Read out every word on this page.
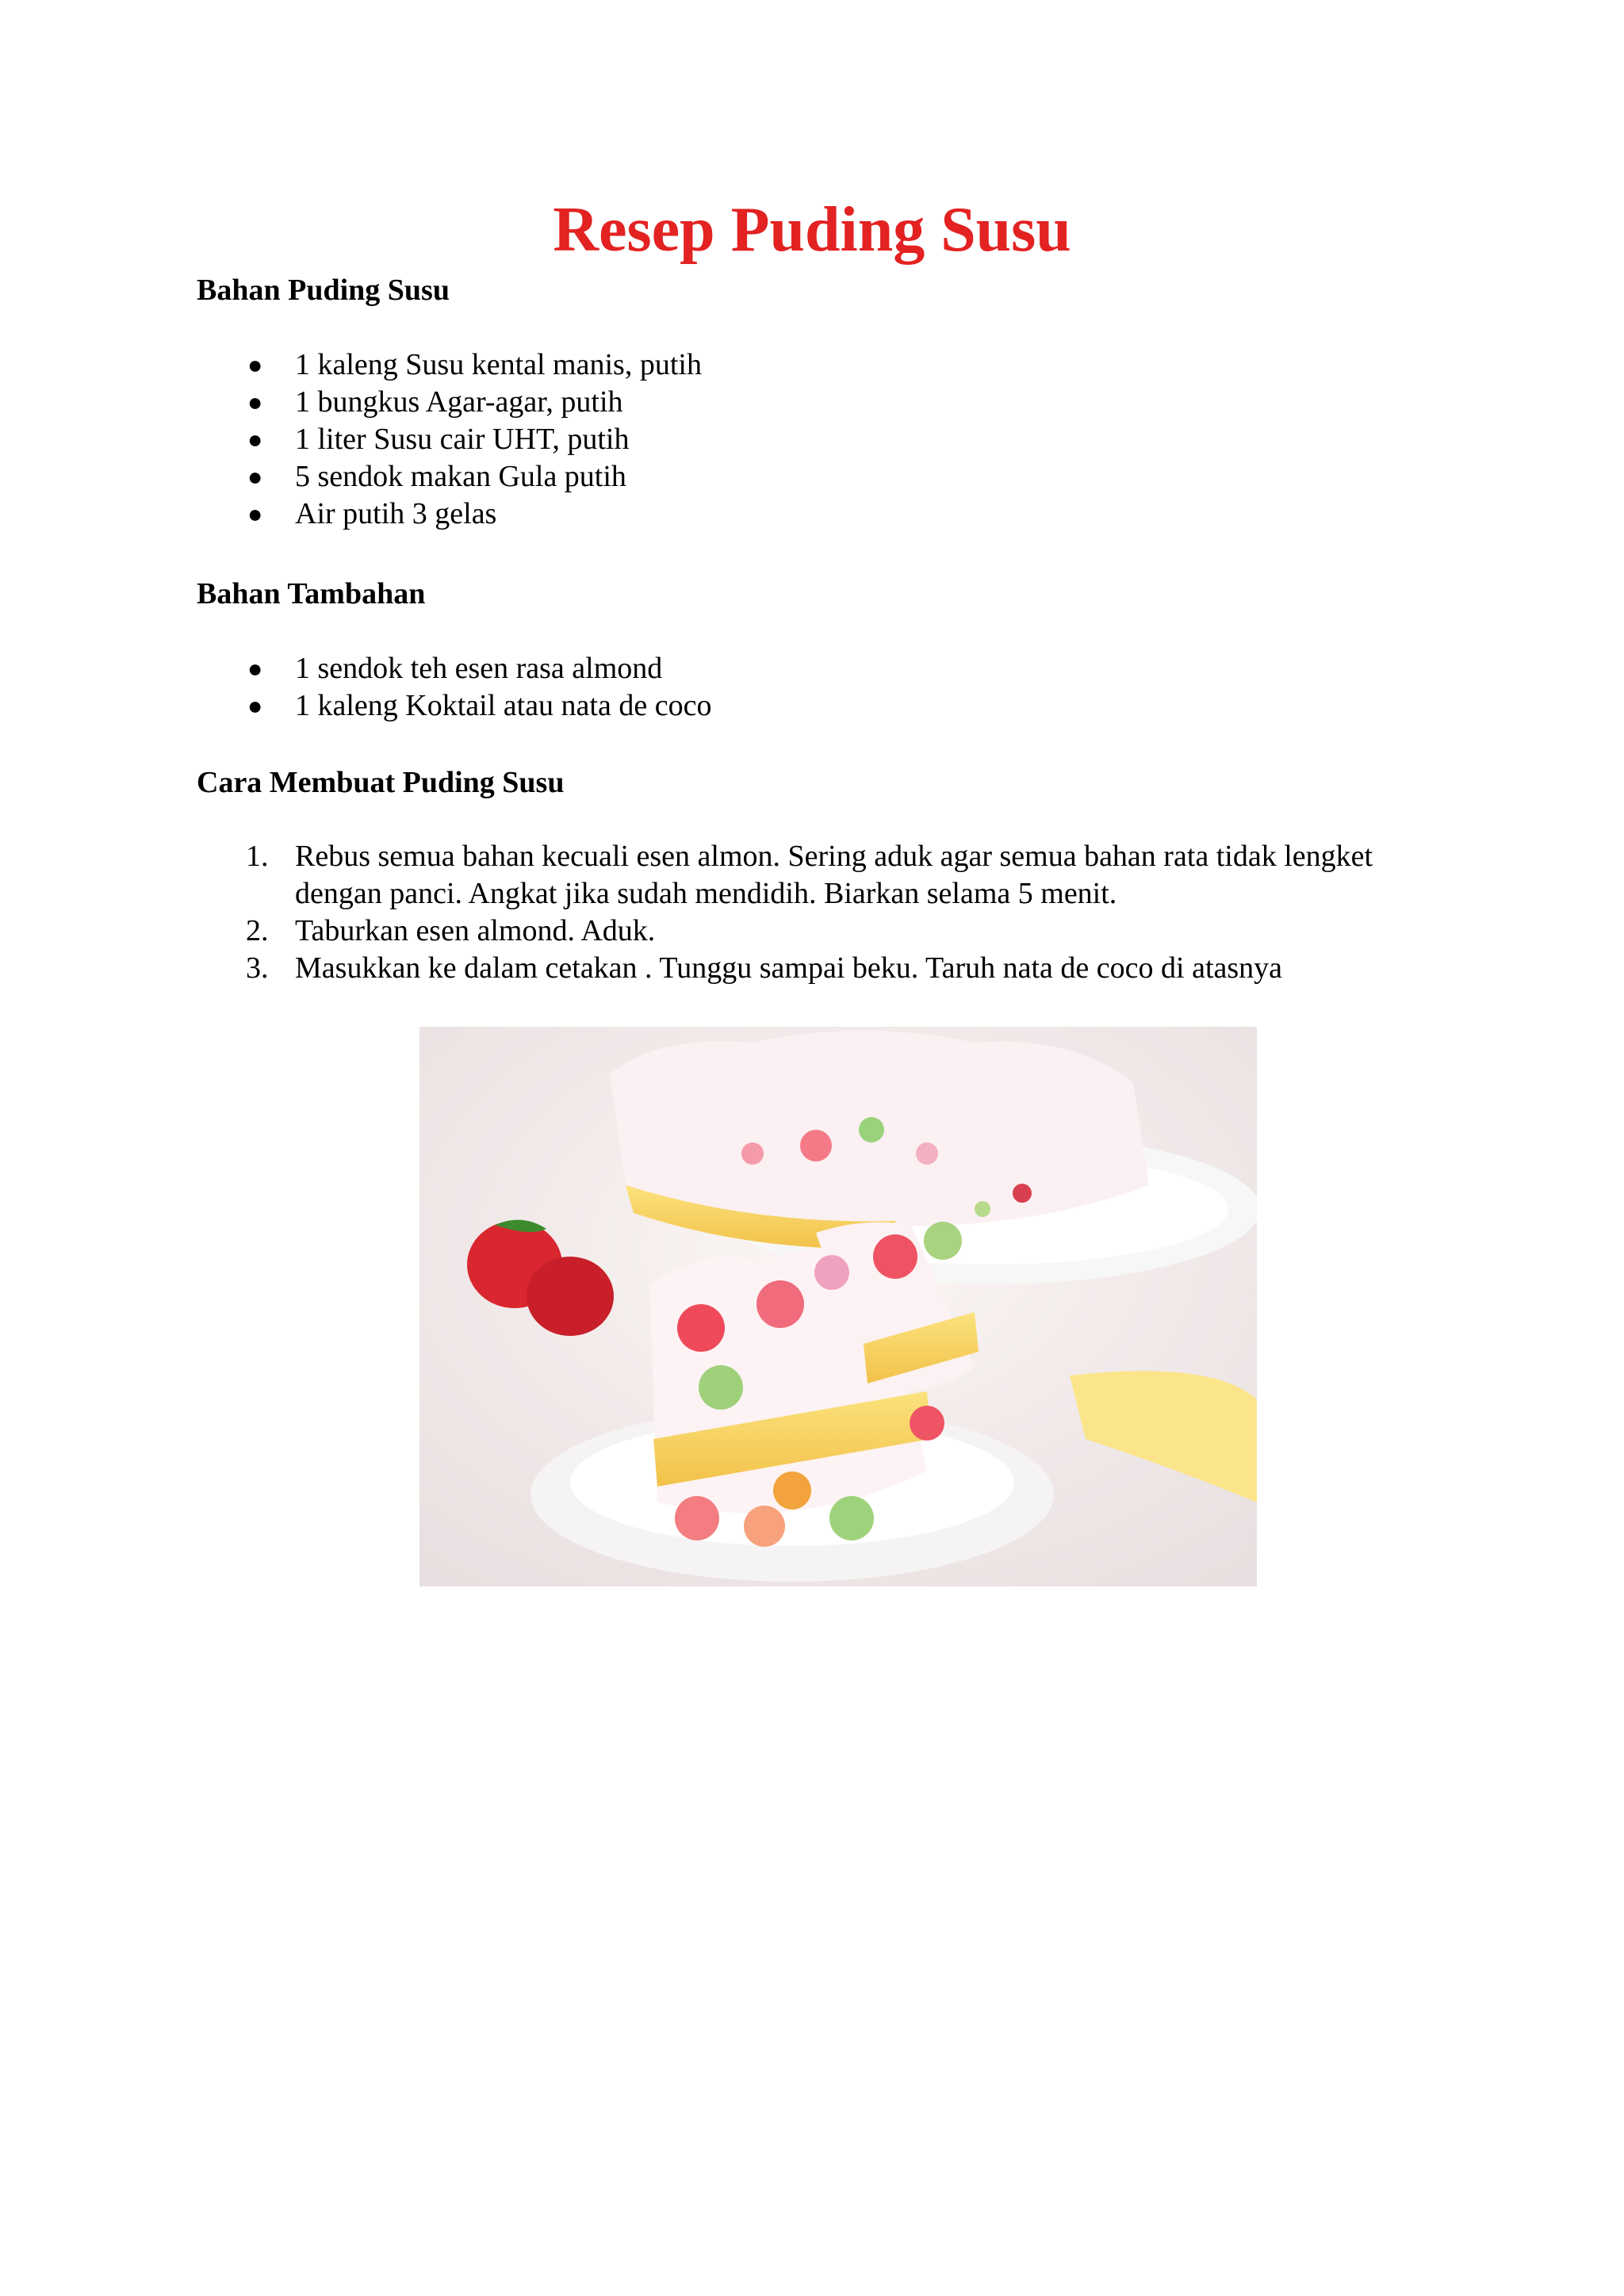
Resep Puding Susu
Bahan Puding Susu
● 1 kaleng Susu kental manis, putih
● 1 bungkus Agar-agar, putih
● 1 liter Susu cair UHT, putih
● 5 sendok makan Gula putih
● Air putih 3 gelas
Bahan Tambahan
● 1 sendok teh esen rasa almond
● 1 kaleng Koktail atau nata de coco
Cara Membuat Puding Susu
1. Rebus semua bahan kecuali esen almon. Sering aduk agar semua bahan rata tidak lengket dengan panci. Angkat jika sudah mendidih. Biarkan selama 5 menit.
2. Taburkan esen almond. Aduk.
3. Masukkan ke dalam cetakan . Tunggu sampai beku. Taruh nata de coco di atasnya
